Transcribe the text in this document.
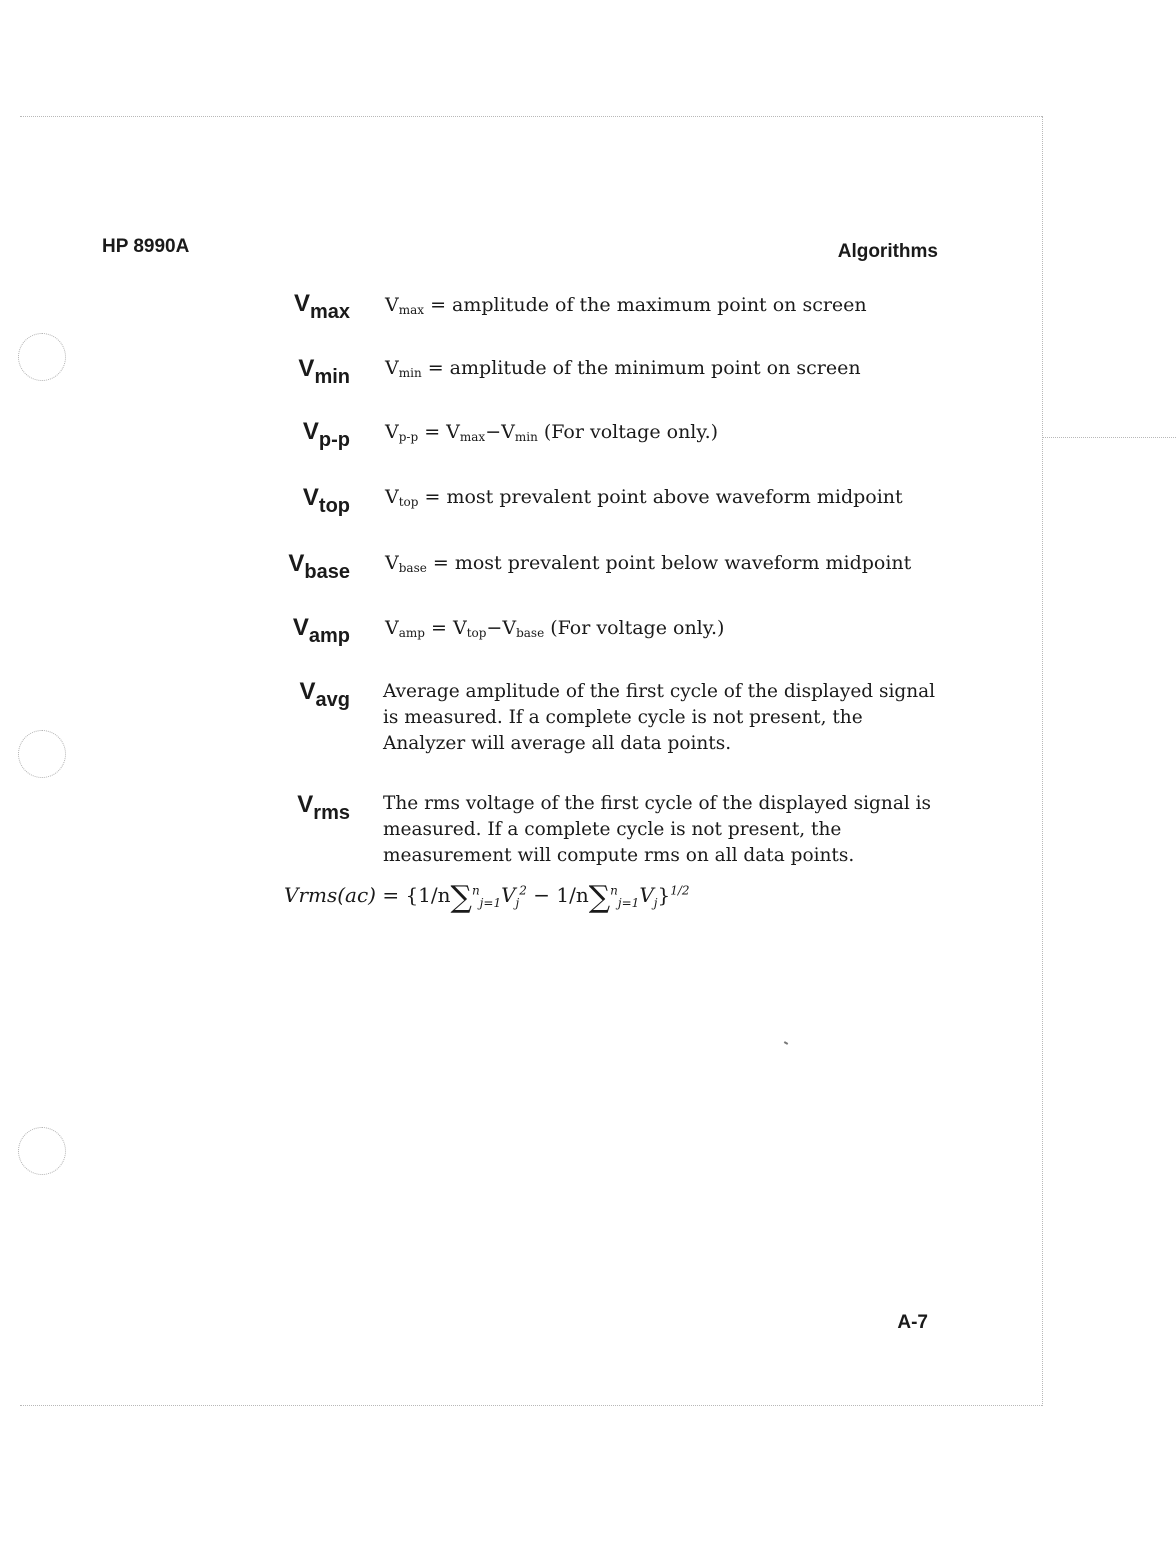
HP 8990A	Algorithms
$V_{max}$ $V_{max}$ = amplitude of the maximum point on screen
$V_{min}$ $V_{min}$ = amplitude of the minimum point on screen
$V_{p-p}$ $V_{p-p} = V_{max}-V_{min}$ (For voltage only.)
$V_{top}$ $V_{top}$ = most prevalent point above waveform midpoint
$V_{base}$ $V_{base}$ = most prevalent point below waveform midpoint
$V_{amp}$ $V_{amp} = V_{top}-V_{base}$ (For voltage only.)
$V_{avg}$ Average amplitude of the first cycle of the displayed signal is measured. If a complete cycle is not present, the Analyzer will average all data points.
$V_{rms}$ The rms voltage of the first cycle of the displayed signal is measured. If a complete cycle is not present, the measurement will compute rms on all data points.
Vrms(ac) = $\{1/n\sum^n_{j=1}V_j^2 - 1/n\sum^n_{j=1}V_j\}^{1/2}$
A-7
